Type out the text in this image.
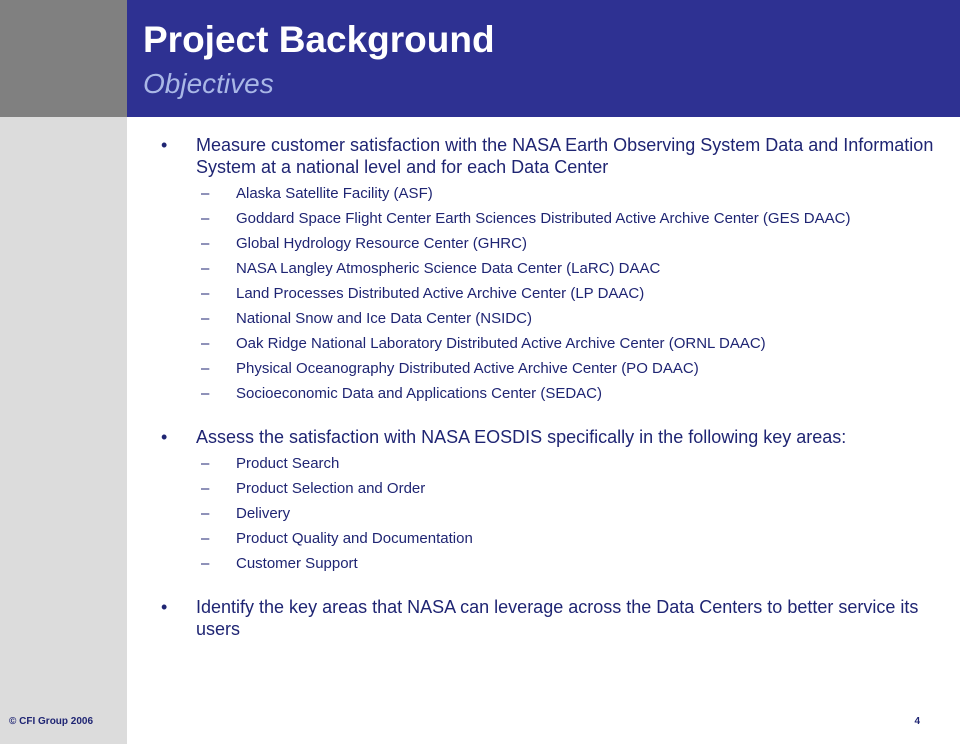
Project Background
Objectives
•	Measure customer satisfaction with the NASA Earth Observing System Data and Information System at a national level and for each Data Center
–	Alaska Satellite Facility (ASF)
–	Goddard Space Flight Center Earth Sciences Distributed Active Archive Center (GES DAAC)
–	Global Hydrology Resource Center (GHRC)
–	NASA Langley Atmospheric Science Data Center (LaRC) DAAC
–	Land Processes Distributed Active Archive Center (LP DAAC)
–	National Snow and Ice Data Center (NSIDC)
–	Oak Ridge National Laboratory Distributed Active Archive Center (ORNL DAAC)
–	Physical Oceanography Distributed Active Archive Center (PO DAAC)
–	Socioeconomic Data and Applications Center (SEDAC)
•	Assess the satisfaction with NASA EOSDIS specifically in the following key areas:
–	Product Search
–	Product Selection and Order
–	Delivery
–	Product Quality and Documentation
–	Customer Support
•	Identify the key areas that NASA can leverage across the Data Centers to better service its users
© CFI Group 2006	4
